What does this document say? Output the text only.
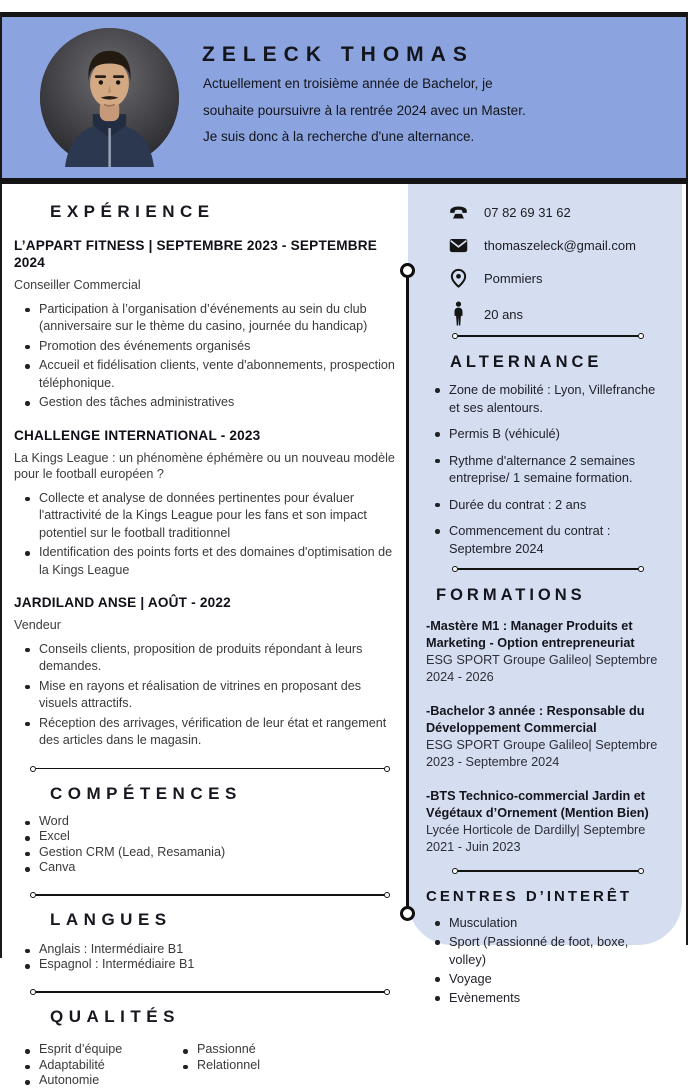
ZELECK THOMAS
Actuellement en troisième année de Bachelor, je
souhaite poursuivre à la rentrée 2024 avec un Master.
Je suis donc à la recherche d'une alternance.
EXPÉRIENCE
L’APPART FITNESS | SEPTEMBRE 2023 - SEPTEMBRE 2024
Conseiller Commercial
Participation à l’organisation d’événements au sein du club (anniversaire sur le thème du casino, journée du handicap)
Promotion des événements organisés
Accueil et fidélisation clients, vente d'abonnements, prospection téléphonique.
Gestion des tâches administratives
CHALLENGE INTERNATIONAL - 2023
La Kings League : un phénomène éphémère ou un nouveau modèle pour le football européen ?
Collecte et analyse de données pertinentes pour évaluer l'attractivité de la Kings League pour les fans et son impact potentiel sur le football traditionnel
Identification des points forts et des domaines d'optimisation de la Kings League
JARDILAND ANSE | AOÛT - 2022
Vendeur
Conseils clients, proposition de produits répondant à leurs demandes.
Mise en rayons et réalisation de vitrines en proposant des visuels attractifs.
Réception des arrivages, vérification de leur état et rangement des articles dans le magasin.
COMPÉTENCES
Word
Excel
Gestion CRM (Lead, Resamania)
Canva
LANGUES
Anglais : Intermédiaire B1
Espagnol : Intermédiaire B1
QUALITÉS
Esprit d’équipe
Adaptabilité
Autonomie
Passionné
Relationnel
07 82 69 31 62
thomaszeleck@gmail.com
Pommiers
20 ans
ALTERNANCE
Zone de mobilité : Lyon, Villefranche et ses alentours.
Permis B (véhiculé)
Rythme d'alternance 2 semaines entreprise/ 1 semaine formation.
Durée du contrat : 2 ans
Commencement du contrat : Septembre 2024
FORMATIONS
-Mastère M1 : Manager Produits et Marketing - Option entrepreneuriat
ESG SPORT Groupe Galileo| Septembre 2024 - 2026
-Bachelor 3 année : Responsable du Développement Commercial
ESG SPORT Groupe Galileo| Septembre 2023 - Septembre 2024
-BTS Technico-commercial Jardin et Végétaux d’Ornement (Mention Bien)
Lycée Horticole de Dardilly| Septembre 2021 - Juin 2023
CENTRES D’INTERÊT
Musculation
Sport (Passionné de foot, boxe, volley)
Voyage
Evènements
